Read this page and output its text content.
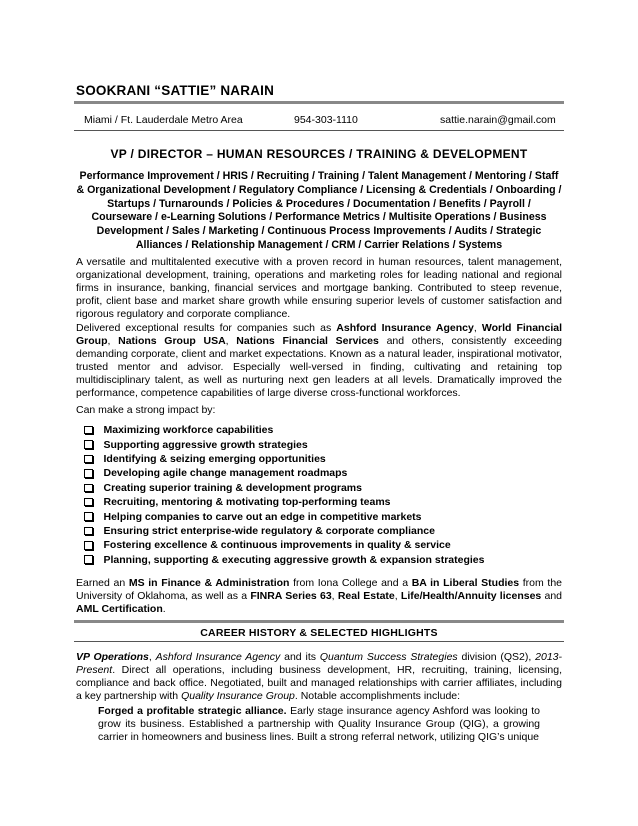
SOOKRANI “SATTIE” NARAIN
Miami / Ft. Lauderdale Metro Area	954-303-1110	sattie.narain@gmail.com
VP / DIRECTOR – HUMAN RESOURCES / TRAINING & DEVELOPMENT
Performance Improvement / HRIS / Recruiting / Training / Talent Management / Mentoring / Staff & Organizational Development / Regulatory Compliance / Licensing & Credentials / Onboarding / Startups / Turnarounds / Policies & Procedures / Documentation / Benefits / Payroll / Courseware / e-Learning Solutions / Performance Metrics / Multisite Operations / Business Development / Sales / Marketing / Continuous Process Improvements / Audits / Strategic Alliances / Relationship Management / CRM / Carrier Relations / Systems
A versatile and multitalented executive with a proven record in human resources, talent management, organizational development, training, operations and marketing roles for leading national and regional firms in insurance, banking, financial services and mortgage banking. Contributed to steep revenue, profit, client base and market share growth while ensuring superior levels of customer satisfaction and rigorous regulatory and corporate compliance.
Delivered exceptional results for companies such as Ashford Insurance Agency, World Financial Group, Nations Group USA, Nations Financial Services and others, consistently exceeding demanding corporate, client and market expectations. Known as a natural leader, inspirational motivator, trusted mentor and advisor. Especially well-versed in finding, cultivating and retaining top multidisciplinary talent, as well as nurturing next gen leaders at all levels. Dramatically improved the performance, competence capabilities of large diverse cross-functional workforces.
Can make a strong impact by:
Maximizing workforce capabilities
Supporting aggressive growth strategies
Identifying & seizing emerging opportunities
Developing agile change management roadmaps
Creating superior training & development programs
Recruiting, mentoring & motivating top-performing teams
Helping companies to carve out an edge in competitive markets
Ensuring strict enterprise-wide regulatory & corporate compliance
Fostering excellence & continuous improvements in quality & service
Planning, supporting & executing aggressive growth & expansion strategies
Earned an MS in Finance & Administration from Iona College and a BA in Liberal Studies from the University of Oklahoma, as well as a FINRA Series 63, Real Estate, Life/Health/Annuity licenses and AML Certification.
CAREER HISTORY & SELECTED HIGHLIGHTS
VP Operations, Ashford Insurance Agency and its Quantum Success Strategies division (QS2), 2013-Present. Direct all operations, including business development, HR, recruiting, training, licensing, compliance and back office. Negotiated, built and managed relationships with carrier affiliates, including a key partnership with Quality Insurance Group. Notable accomplishments include:
Forged a profitable strategic alliance. Early stage insurance agency Ashford was looking to grow its business. Established a partnership with Quality Insurance Group (QIG), a growing carrier in homeowners and business lines. Built a strong referral network, utilizing QIG’s unique
